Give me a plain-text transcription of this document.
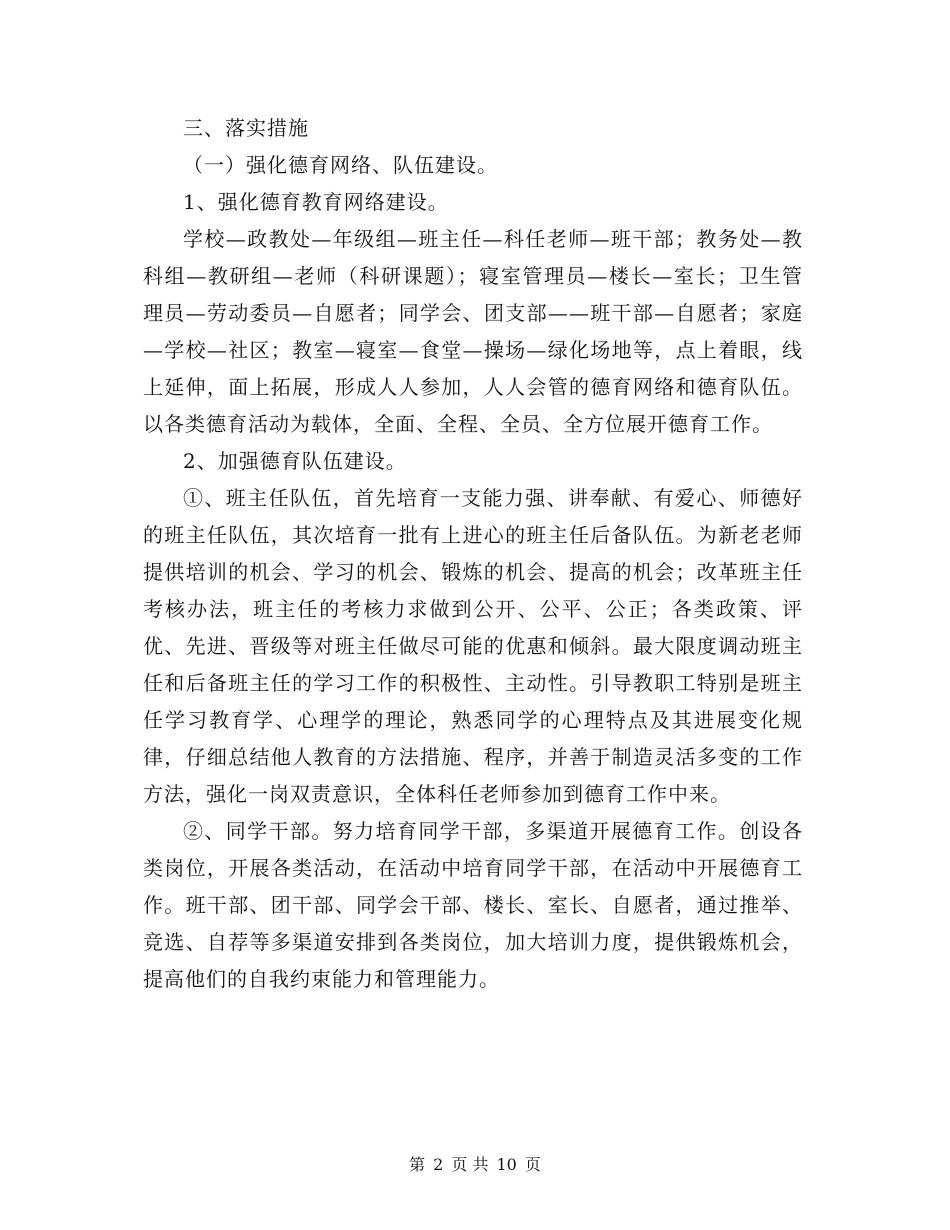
三、落实措施

（一）强化德育网络、队伍建设。

1、强化德育教育网络建设。

学校—政教处—年级组—班主任—科任老师—班干部；教务处—教科组—教研组—老师（科研课题）；寝室管理员—楼长—室长；卫生管理员—劳动委员—自愿者；同学会、团支部——班干部—自愿者；家庭—学校—社区；教室—寝室—食堂—操场—绿化场地等，点上着眼，线上延伸，面上拓展，形成人人参加，人人会管的德育网络和德育队伍。以各类德育活动为载体，全面、全程、全员、全方位展开德育工作。

2、加强德育队伍建设。

①、班主任队伍，首先培育一支能力强、讲奉献、有爱心、师德好的班主任队伍，其次培育一批有上进心的班主任后备队伍。为新老老师提供培训的机会、学习的机会、锻炼的机会、提高的机会；改革班主任考核办法，班主任的考核力求做到公开、公平、公正；各类政策、评优、先进、晋级等对班主任做尽可能的优惠和倾斜。最大限度调动班主任和后备班主任的学习工作的积极性、主动性。引导教职工特别是班主任学习教育学、心理学的理论，熟悉同学的心理特点及其进展变化规律，仔细总结他人教育的方法措施、程序，并善于制造灵活多变的工作方法，强化一岗双责意识，全体科任老师参加到德育工作中来。

②、同学干部。努力培育同学干部，多渠道开展德育工作。创设各类岗位，开展各类活动，在活动中培育同学干部，在活动中开展德育工作。班干部、团干部、同学会干部、楼长、室长、自愿者，通过推举、竞选、自荐等多渠道安排到各类岗位，加大培训力度，提供锻炼机会，提高他们的自我约束能力和管理能力。

第 2 页 共 10 页
